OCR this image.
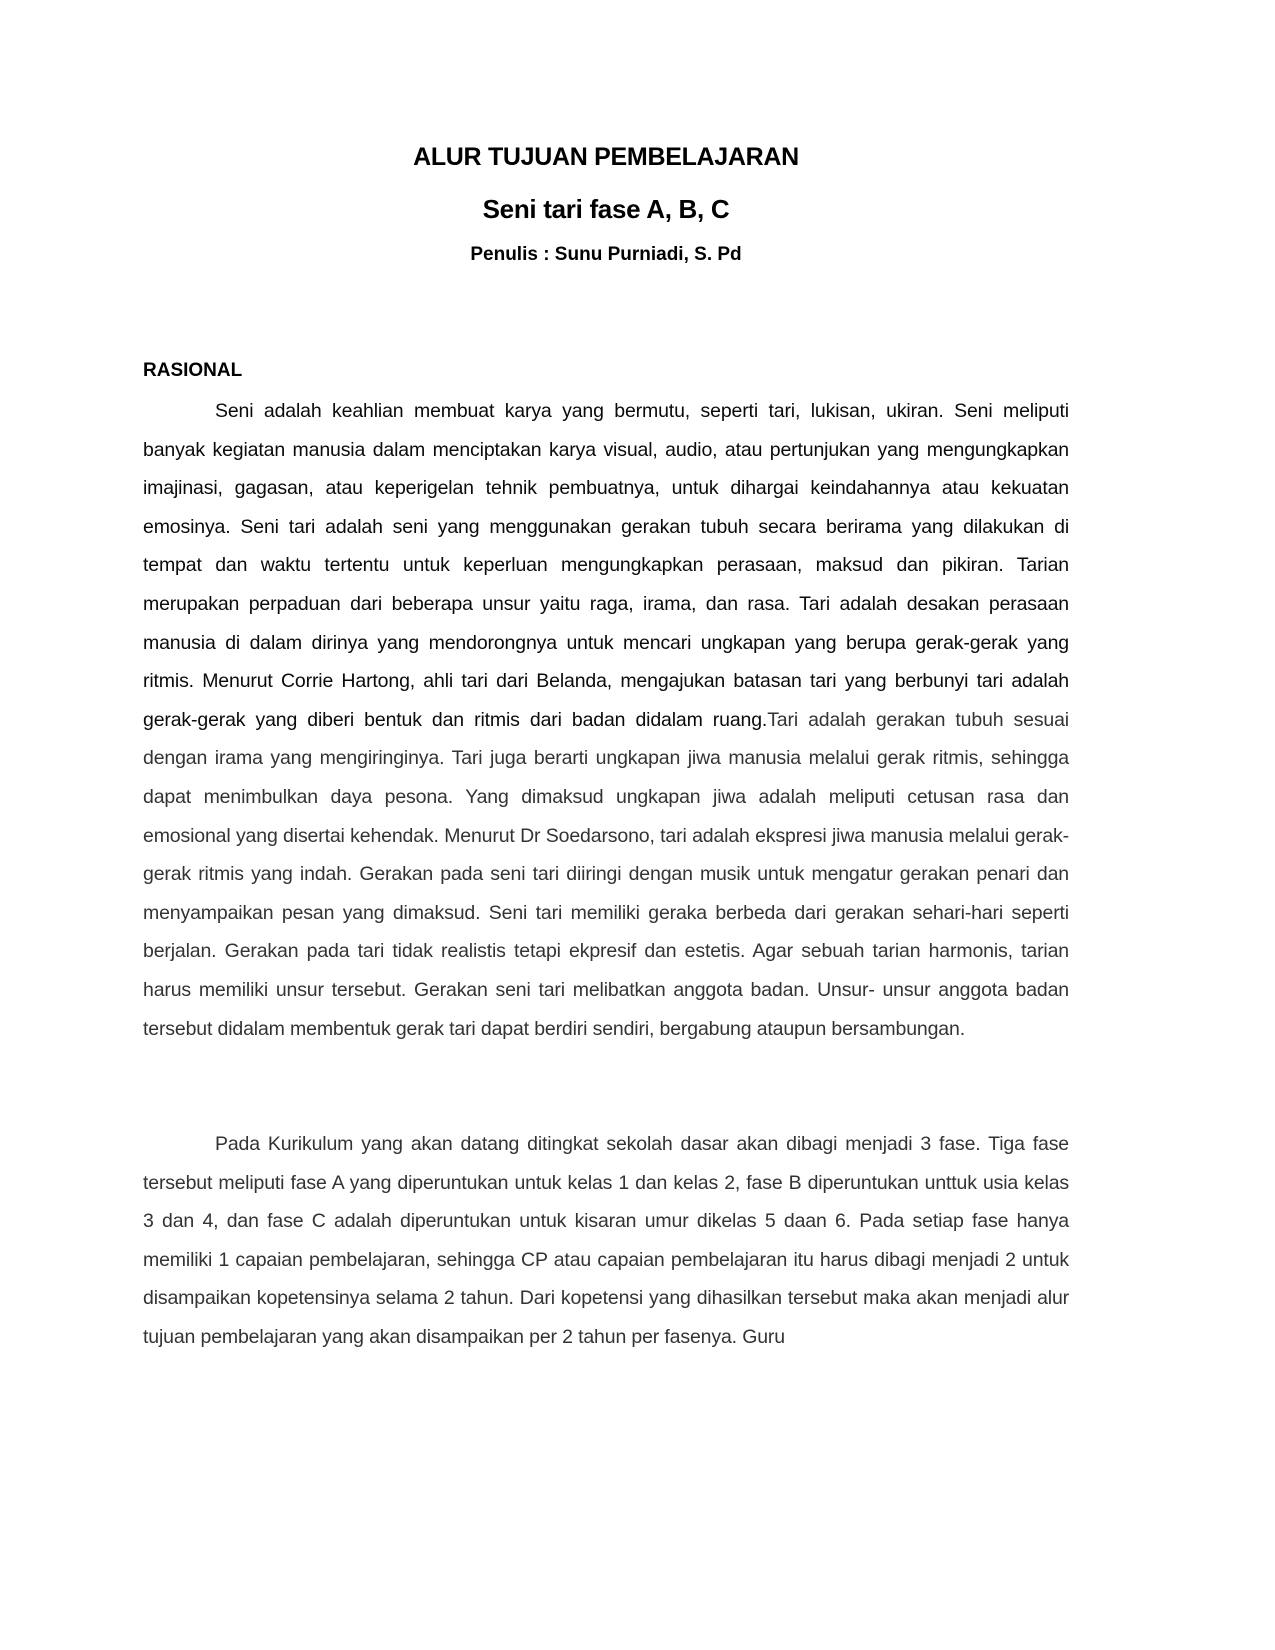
ALUR TUJUAN PEMBELAJARAN
Seni tari fase A, B, C

Penulis : Sunu Purniadi, S. Pd

RASIONAL

Seni adalah keahlian membuat karya yang bermutu, seperti tari, lukisan, ukiran. Seni meliputi banyak kegiatan manusia dalam menciptakan karya visual, audio, atau pertunjukan yang mengungkapkan imajinasi, gagasan, atau keperigelan tehnik pembuatnya, untuk dihargai keindahannya atau kekuatan emosinya. Seni tari adalah seni yang menggunakan gerakan tubuh secara berirama yang dilakukan di tempat dan waktu tertentu untuk keperluan mengungkapkan perasaan, maksud dan pikiran. Tarian merupakan perpaduan dari beberapa unsur yaitu raga, irama, dan rasa. Tari adalah desakan perasaan manusia di dalam dirinya yang mendorongnya untuk mencari ungkapan yang berupa gerak-gerak yang ritmis. Menurut Corrie Hartong, ahli tari dari Belanda, mengajukan batasan tari yang berbunyi tari adalah gerak-gerak yang diberi bentuk dan ritmis dari badan didalam ruang.Tari adalah gerakan tubuh sesuai dengan irama yang mengiringinya. Tari juga berarti ungkapan jiwa manusia melalui gerak ritmis, sehingga dapat menimbulkan daya pesona. Yang dimaksud ungkapan jiwa adalah meliputi cetusan rasa dan emosional yang disertai kehendak. Menurut Dr Soedarsono, tari adalah ekspresi jiwa manusia melalui gerak-gerak ritmis yang indah. Gerakan pada seni tari diiringi dengan musik untuk mengatur gerakan penari dan menyampaikan pesan yang dimaksud. Seni tari memiliki geraka berbeda dari gerakan sehari-hari seperti berjalan. Gerakan pada tari tidak realistis tetapi ekpresif dan estetis. Agar sebuah tarian harmonis, tarian harus memiliki unsur tersebut. Gerakan seni tari melibatkan anggota badan. Unsur- unsur anggota badan tersebut didalam membentuk gerak tari dapat berdiri sendiri, bergabung ataupun bersambungan.

Pada Kurikulum yang akan datang ditingkat sekolah dasar akan dibagi menjadi 3 fase. Tiga fase tersebut meliputi fase A yang diperuntukan untuk kelas 1 dan kelas 2, fase B diperuntukan unttuk usia kelas 3 dan 4, dan fase C adalah diperuntukan untuk kisaran umur dikelas 5 daan 6. Pada setiap fase hanya memiliki 1 capaian pembelajaran, sehingga CP atau capaian pembelajaran itu harus dibagi menjadi 2 untuk disampaikan kopetensinya selama 2 tahun. Dari kopetensi yang dihasilkan tersebut maka akan menjadi alur tujuan pembelajaran yang akan disampaikan per 2 tahun per fasenya. Guru
